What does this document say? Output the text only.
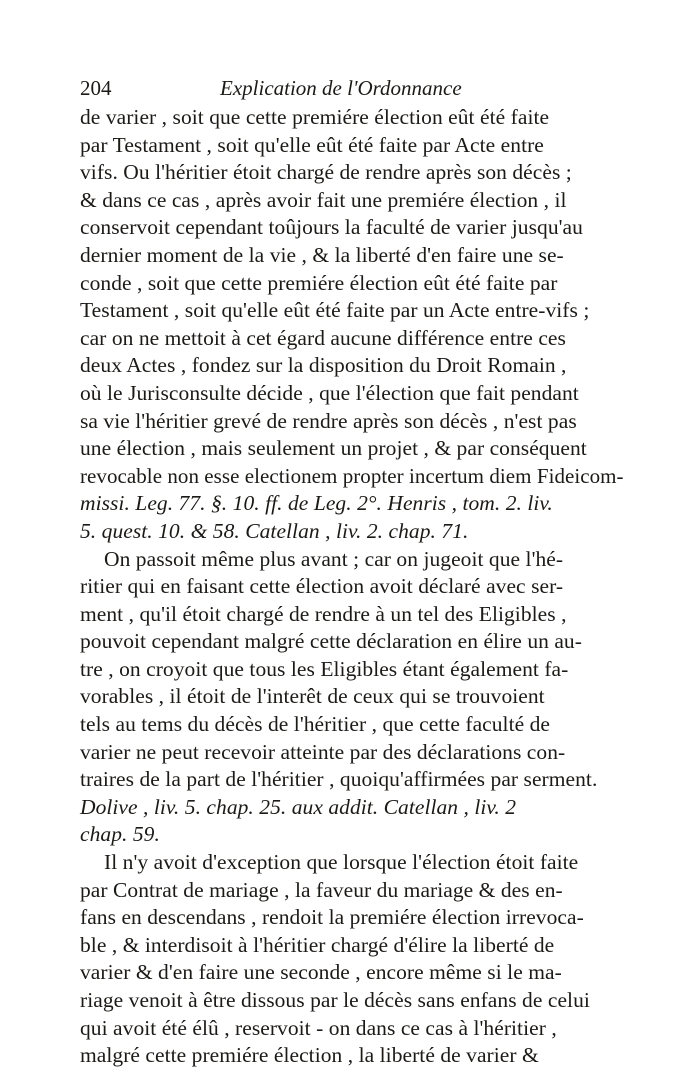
204	Explication de l'Ordonnance
de varier , soit que cette premiére élection eût été faite
par Testament , soit qu'elle eût été faite par Acte entre
vifs. Ou l'héritier étoit chargé de rendre après son décès ;
& dans ce cas , après avoir fait une premiére élection , il
conservoit cependant toûjours la faculté de varier jusqu'au
dernier moment de la vie , & la liberté d'en faire une se-
conde , soit que cette premiére élection eût été faite par
Testament , soit qu'elle eût été faite par un Acte entre-vifs ;
car on ne mettoit à cet égard aucune différence entre ces
deux Actes , fondez sur la disposition du Droit Romain ,
où le Jurisconsulte décide , que l'élection que fait pendant
sa vie l'héritier grevé de rendre après son décès , n'est pas
une élection , mais seulement un projet , & par conséquent
revocable non esse electionem propter incertum diem Fideicom-
missi. Leg. 77. §. 10. ff. de Leg. 2°. Henris , tom. 2. liv.
5. quest. 10. & 58. Catellan , liv. 2. chap. 71.
On passoit même plus avant ; car on jugeoit que l'hé-
ritier qui en faisant cette élection avoit déclaré avec ser-
ment , qu'il étoit chargé de rendre à un tel des Eligibles ,
pouvoit cependant malgré cette déclaration en élire un au-
tre , on croyoit que tous les Eligibles étant également fa-
vorables , il étoit de l'interêt de ceux qui se trouvoient
tels au tems du décès de l'héritier , que cette faculté de
varier ne peut recevoir atteinte par des déclarations con-
traires de la part de l'héritier , quoiqu'affirmées par serment.
Dolive , liv. 5. chap. 25. aux addit. Catellan , liv. 2
chap. 59.
Il n'y avoit d'exception que lorsque l'élection étoit faite
par Contrat de mariage , la faveur du mariage & des en-
fans en descendans , rendoit la premiére élection irrevoca-
ble , & interdisoit à l'héritier chargé d'élire la liberté de
varier & d'en faire une seconde , encore même si le ma-
riage venoit à être dissous par le décès sans enfans de celui
qui avoit été élû , reservoit - on dans ce cas à l'héritier ,
malgré cette premiére élection , la liberté de varier &
